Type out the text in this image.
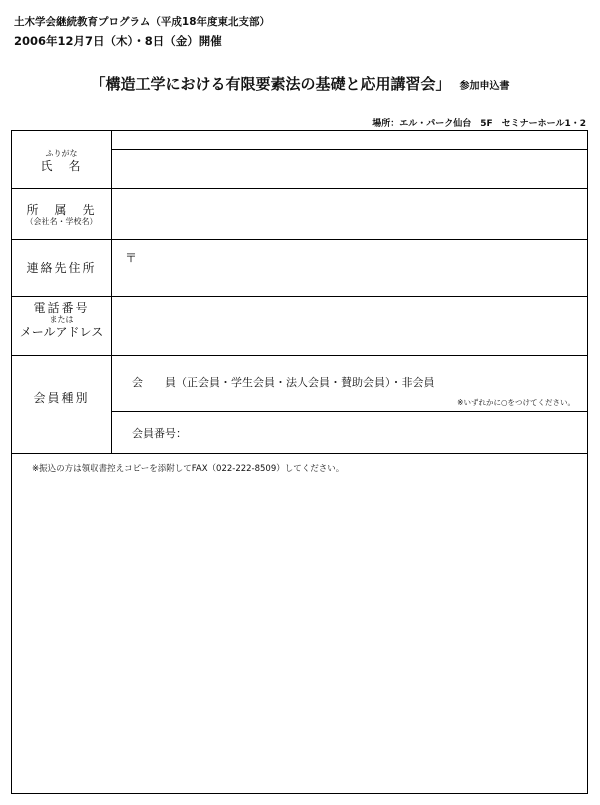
土木学会継続教育プログラム（平成18年度東北支部）
2006年12月7日（木）・8日（金）開催
「構造工学における有限要素法の基礎と応用講習会」 参加申込書
場所：エル・パーク仙台　5F　セミナーホール1・2
ふりがな
氏　名
所　属　先
（会社名・学校名）
連絡先住所
〒
電話番号
または
メールアドレス
会員種別
会　　員（正会員・学生会員・法人会員・賛助会員）・非会員
※いずれかに○をつけてください。
会員番号：
※振込の方は領収書控えコピーを添附してFAX（022-222-8509）してください。
